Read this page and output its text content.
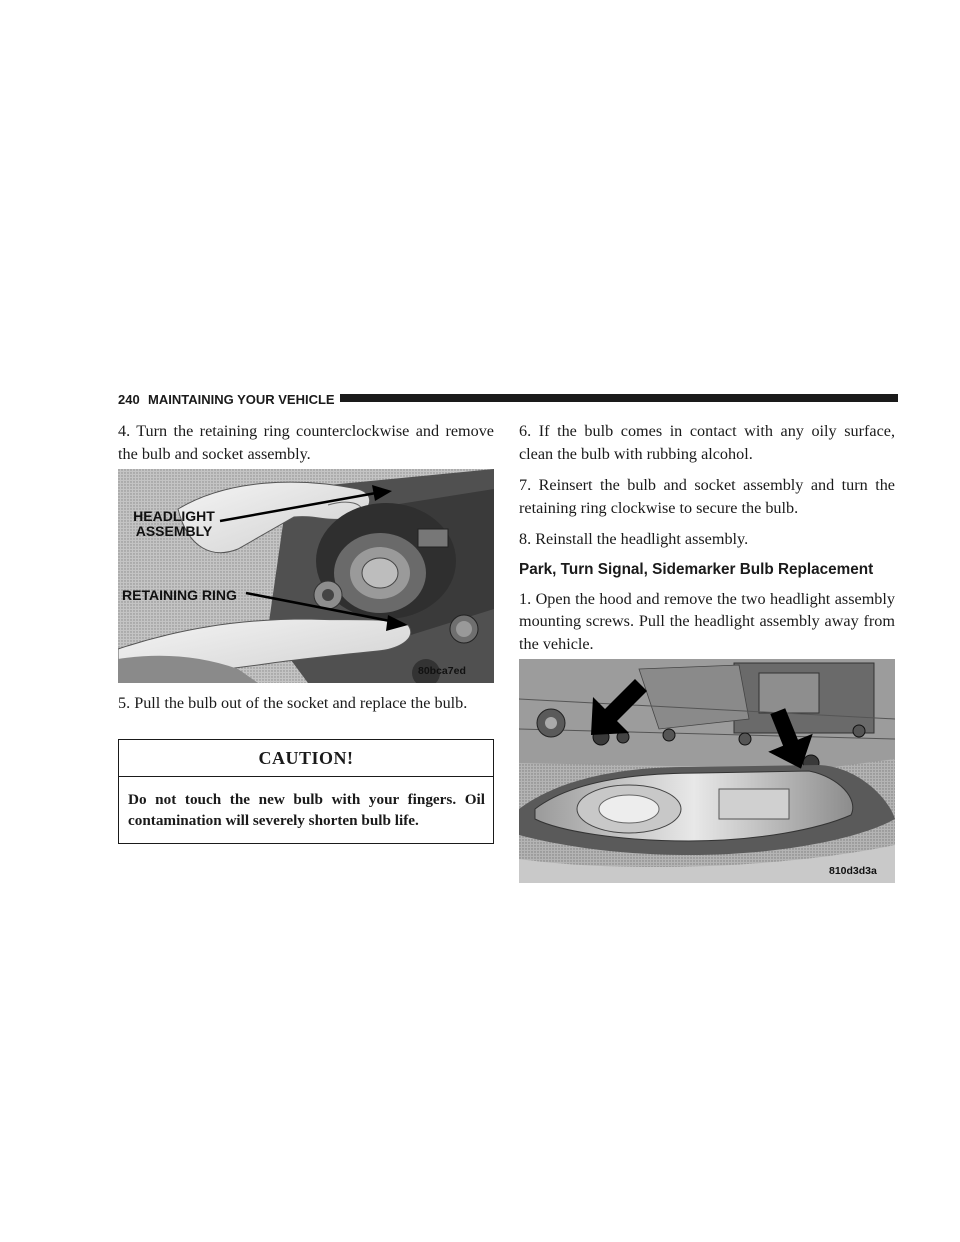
240 MAINTAINING YOUR VEHICLE

4. Turn the retaining ring counterclockwise and remove the bulb and socket assembly.

HEADLIGHT ASSEMBLY
RETAINING RING
80bca7ed

5. Pull the bulb out of the socket and replace the bulb.

CAUTION!
Do not touch the new bulb with your fingers. Oil contamination will severely shorten bulb life.

6. If the bulb comes in contact with any oily surface, clean the bulb with rubbing alcohol.

7. Reinsert the bulb and socket assembly and turn the retaining ring clockwise to secure the bulb.

8. Reinstall the headlight assembly.

Park, Turn Signal, Sidemarker Bulb Replacement

1. Open the hood and remove the two headlight assembly mounting screws. Pull the headlight assembly away from the vehicle.

810d3d3a
